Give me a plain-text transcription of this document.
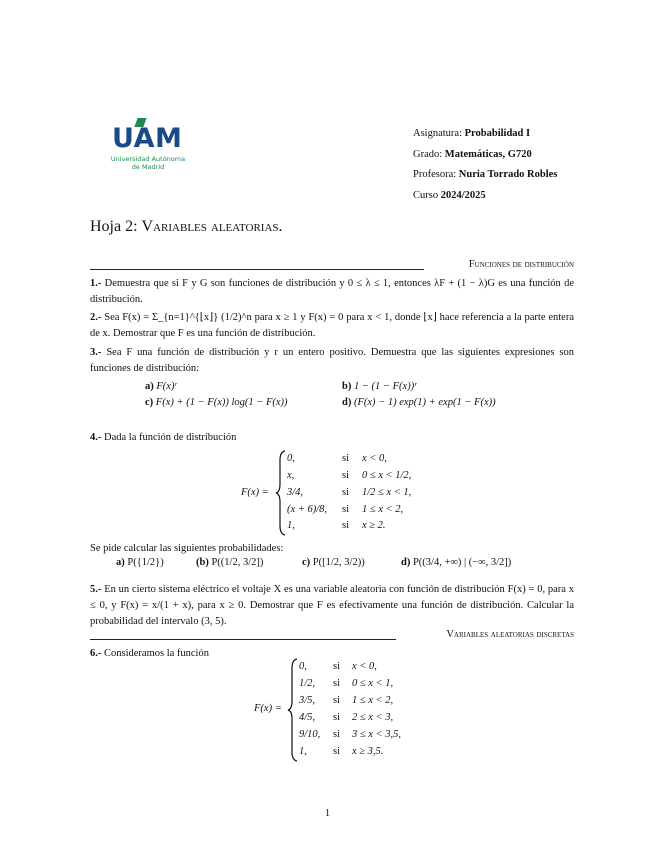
UAM
Universidad Autónoma
de Madrid
Asignatura: Probabilidad I
Grado: Matemáticas, G720
Profesora: Nuria Torrado Robles
Curso 2024/2025
Hoja 2: Variables aleatorias.
Funciones de distribución
1.- Demuestra que si F y G son funciones de distribución y 0 ≤ λ ≤ 1, entonces λF + (1 − λ)G es una función de distribución.
2.- Sea F(x) = Σ_{n=1}^{⌊x⌋} (1/2)^n para x ≥ 1 y F(x) = 0 para x < 1, donde ⌊x⌋ hace referencia a la parte entera de x. Demostrar que F es una función de distribución.
3.- Sea F una función de distribución y r un entero positivo. Demuestra que las siguientes expresiones son funciones de distribución:
a) F(x)ʳ	b) 1 − (1 − F(x))ʳ
c) F(x) + (1 − F(x)) log(1 − F(x))	d) (F(x) − 1) exp(1) + exp(1 − F(x))
4.- Dada la función de distribución
F(x) =
0,	si x < 0,
x,	si 0 ≤ x < 1/2,
3/4,	si 1/2 ≤ x < 1,
(x + 6)/8, si 1 ≤ x < 2,
1,	si x ≥ 2.
Se pide calcular las siguientes probabilidades:
a) P({1/2})	(b) P((1/2, 3/2])	c) P([1/2, 3/2))	d) P((3/4, +∞) | (−∞, 3/2])
5.- En un cierto sistema eléctrico el voltaje X es una variable aleatoria con función de distribución F(x) = 0, para x ≤ 0, y F(x) = x/(1 + x), para x ≥ 0. Demostrar que F es efectivamente una función de distribución. Calcular la probabilidad del intervalo (3, 5).
Variables aleatorias discretas
6.- Consideramos la función
F(x) =
0, si x < 0,
1/2, si 0 ≤ x < 1,
3/5, si 1 ≤ x < 2,
4/5, si 2 ≤ x < 3,
9/10, si 3 ≤ x < 3,5,
1, si x ≥ 3,5.
1
